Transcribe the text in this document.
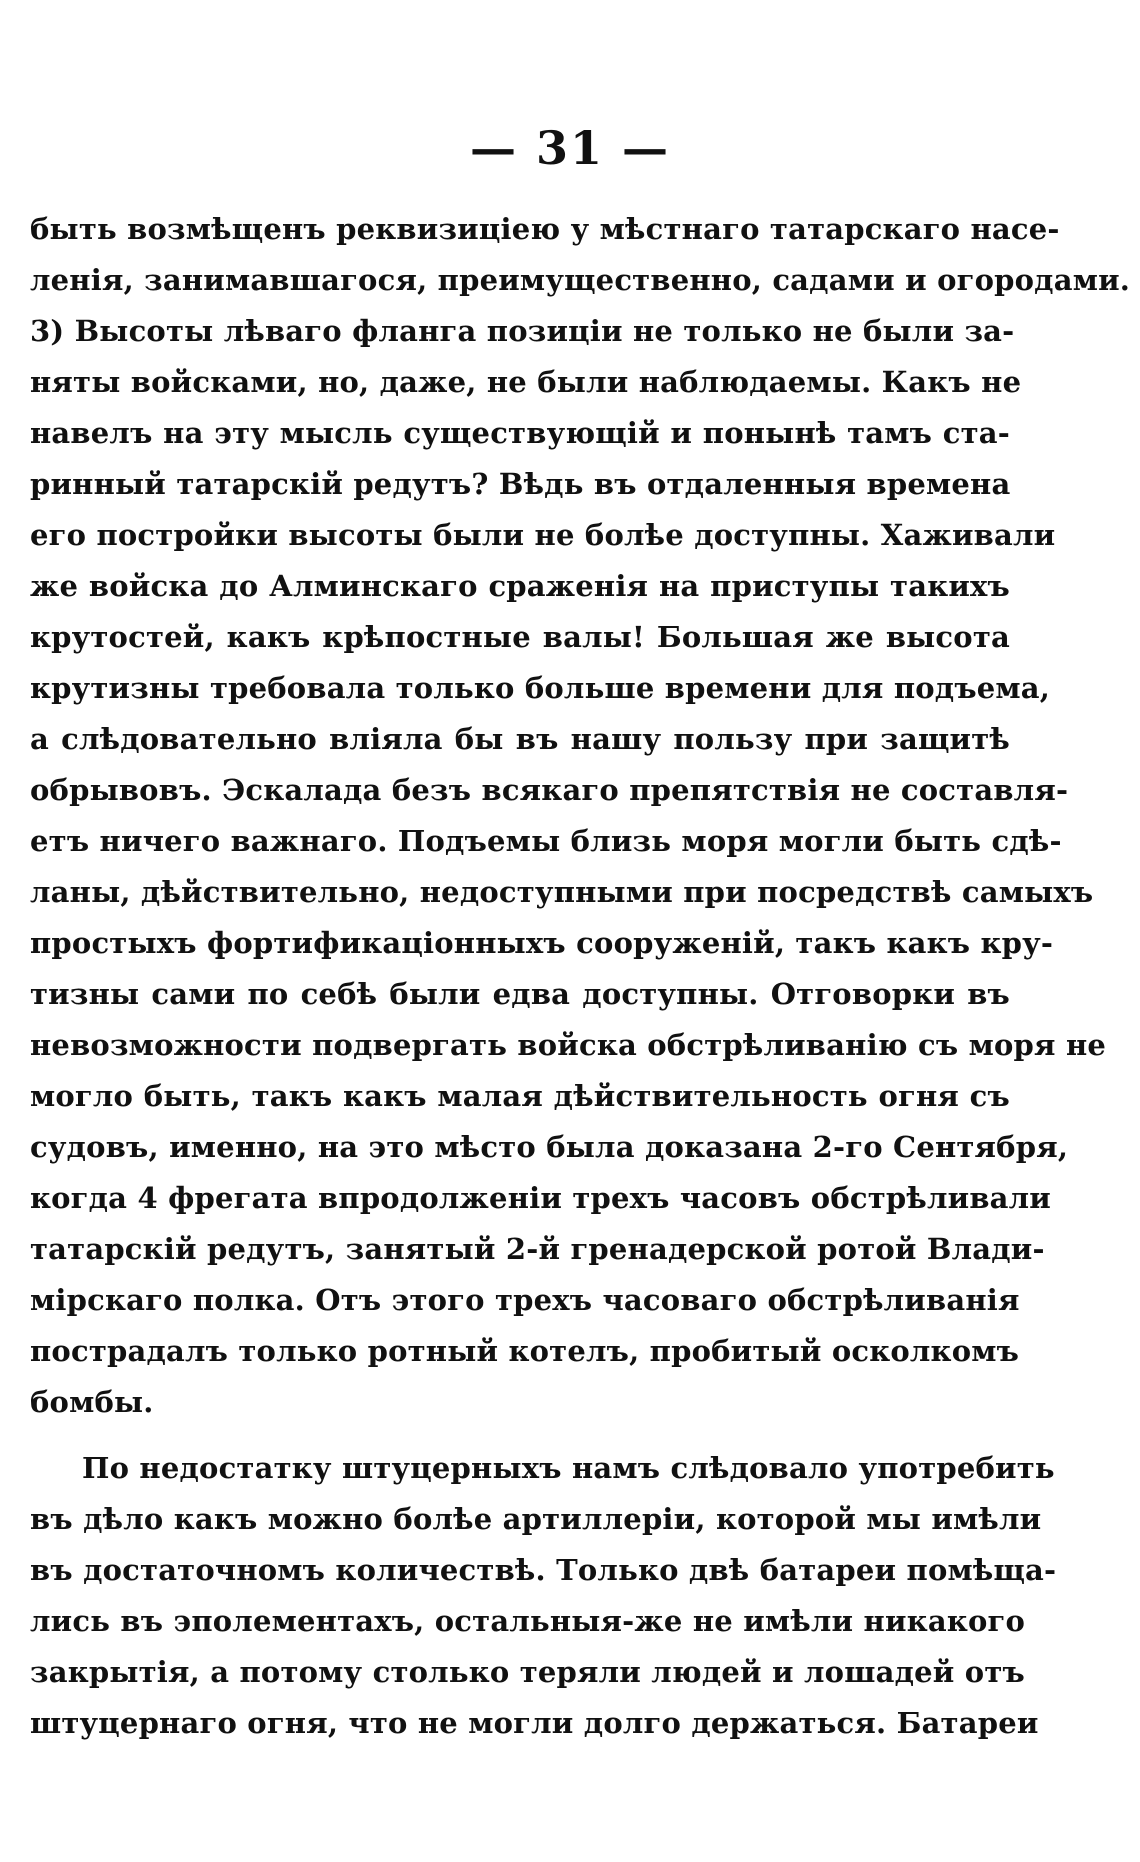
— 31 —
быть возмѣщенъ реквизиціею у мѣстнаго татарскаго насе-
ленія, занимавшагося, преимущественно, садами и огородами.
3) Высоты лѣваго фланга позиціи не только не были за-
няты войсками, но, даже, не были наблюдаемы. Какъ не
навелъ на эту мысль существующій и понынѣ тамъ ста-
ринный татарскій редутъ? Вѣдь въ отдаленныя времена
его постройки высоты были не болѣе доступны. Хаживали
же войска до Алминскаго сраженія на приступы такихъ
крутостей, какъ крѣпостные валы! Большая же высота
крутизны требовала только больше времени для подъема,
а слѣдовательно вліяла бы въ нашу пользу при защитѣ
обрывовъ. Эскалада безъ всякаго препятствія не составля-
етъ ничего важнаго. Подъемы близь моря могли быть сдѣ-
ланы, дѣйствительно, недоступными при посредствѣ самыхъ
простыхъ фортификаціонныхъ сооруженій, такъ какъ кру-
тизны сами по себѣ были едва доступны. Отговорки въ
невозможности подвергать войска обстрѣливанію съ моря не
могло быть, такъ какъ малая дѣйствительность огня съ
судовъ, именно, на это мѣсто была доказана 2-го Сентября,
когда 4 фрегата впродолженіи трехъ часовъ обстрѣливали
татарскій редутъ, занятый 2-й гренадерской ротой Влади-
мірскаго полка. Отъ этого трехъ часоваго обстрѣливанія
пострадалъ только ротный котелъ, пробитый осколкомъ
бомбы.
По недостатку штуцерныхъ намъ слѣдовало употребить
въ дѣло какъ можно болѣе артиллеріи, которой мы имѣли
въ достаточномъ количествѣ. Только двѣ батареи помѣща-
лись въ эполементахъ, остальныя-же не имѣли никакого
закрытія, а потому столько теряли людей и лошадей отъ
штуцернаго огня, что не могли долго держаться. Батареи
